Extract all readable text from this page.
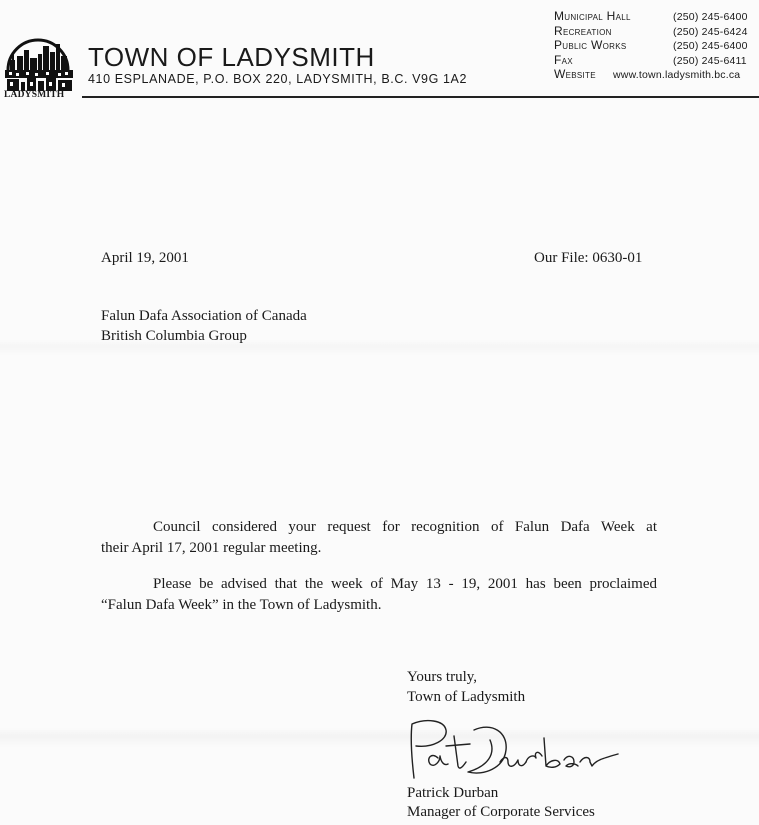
LADYSMITH
TOWN OF LADYSMITH
410 ESPLANADE, P.O. BOX 220, LADYSMITH, B.C. V9G 1A2
Municipal Hall	(250) 245-6400
Recreation	(250) 245-6424
Public Works	(250) 245-6400
Fax	(250) 245-6411
Website www.town.ladysmith.bc.ca
April 19, 2001	Our File: 0630-01
Falun Dafa Association of Canada
British Columbia Group
Council considered your request for recognition of Falun Dafa Week at
their April 17, 2001 regular meeting.
Please be advised that the week of May 13 - 19, 2001 has been proclaimed
“Falun Dafa Week” in the Town of Ladysmith.
Yours truly,
Town of Ladysmith
Patrick Durban
Manager of Corporate Services
